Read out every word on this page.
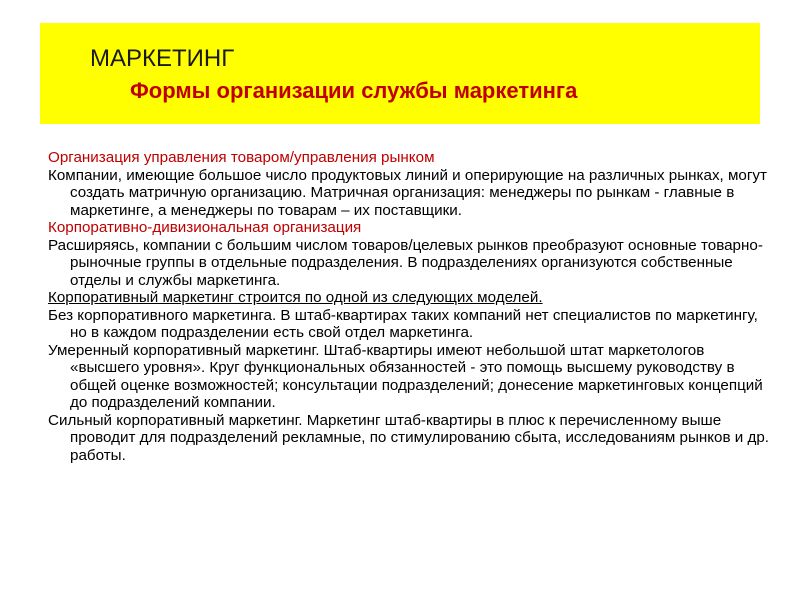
МАРКЕТИНГ
Формы организации службы маркетинга

Организация управления товаром/управления рынком

Компании, имеющие большое число продуктовых линий и оперирующие на различных рынках, могут создать матричную организацию. Матричная организация: менеджеры по рынкам - главные в маркетинге, а менеджеры по товарам – их поставщики.

Корпоративно-дивизиональная организация

Расширяясь, компании с большим числом товаров/целевых рынков преобразуют основные товарно-рыночные группы в отдельные подразделения. В подразделениях организуются собственные отделы и службы маркетинга.

Корпоративный маркетинг строится по одной из следующих моделей.

Без корпоративного маркетинга. В штаб-квартирах таких компаний нет специалистов по маркетингу, но в каждом подразделении есть свой отдел маркетинга.

Умеренный корпоративный маркетинг. Штаб-квартиры имеют небольшой штат маркетологов «высшего уровня». Круг функциональных обязанностей - это помощь высшему руководству в общей оценке возможностей; консультации подразделений; донесение маркетинговых концепций до подразделений компании.

Сильный корпоративный маркетинг. Маркетинг штаб-квартиры в плюс к перечисленному выше проводит для подразделений рекламные, по стимулированию сбыта, исследованиям рынков и др. работы.
